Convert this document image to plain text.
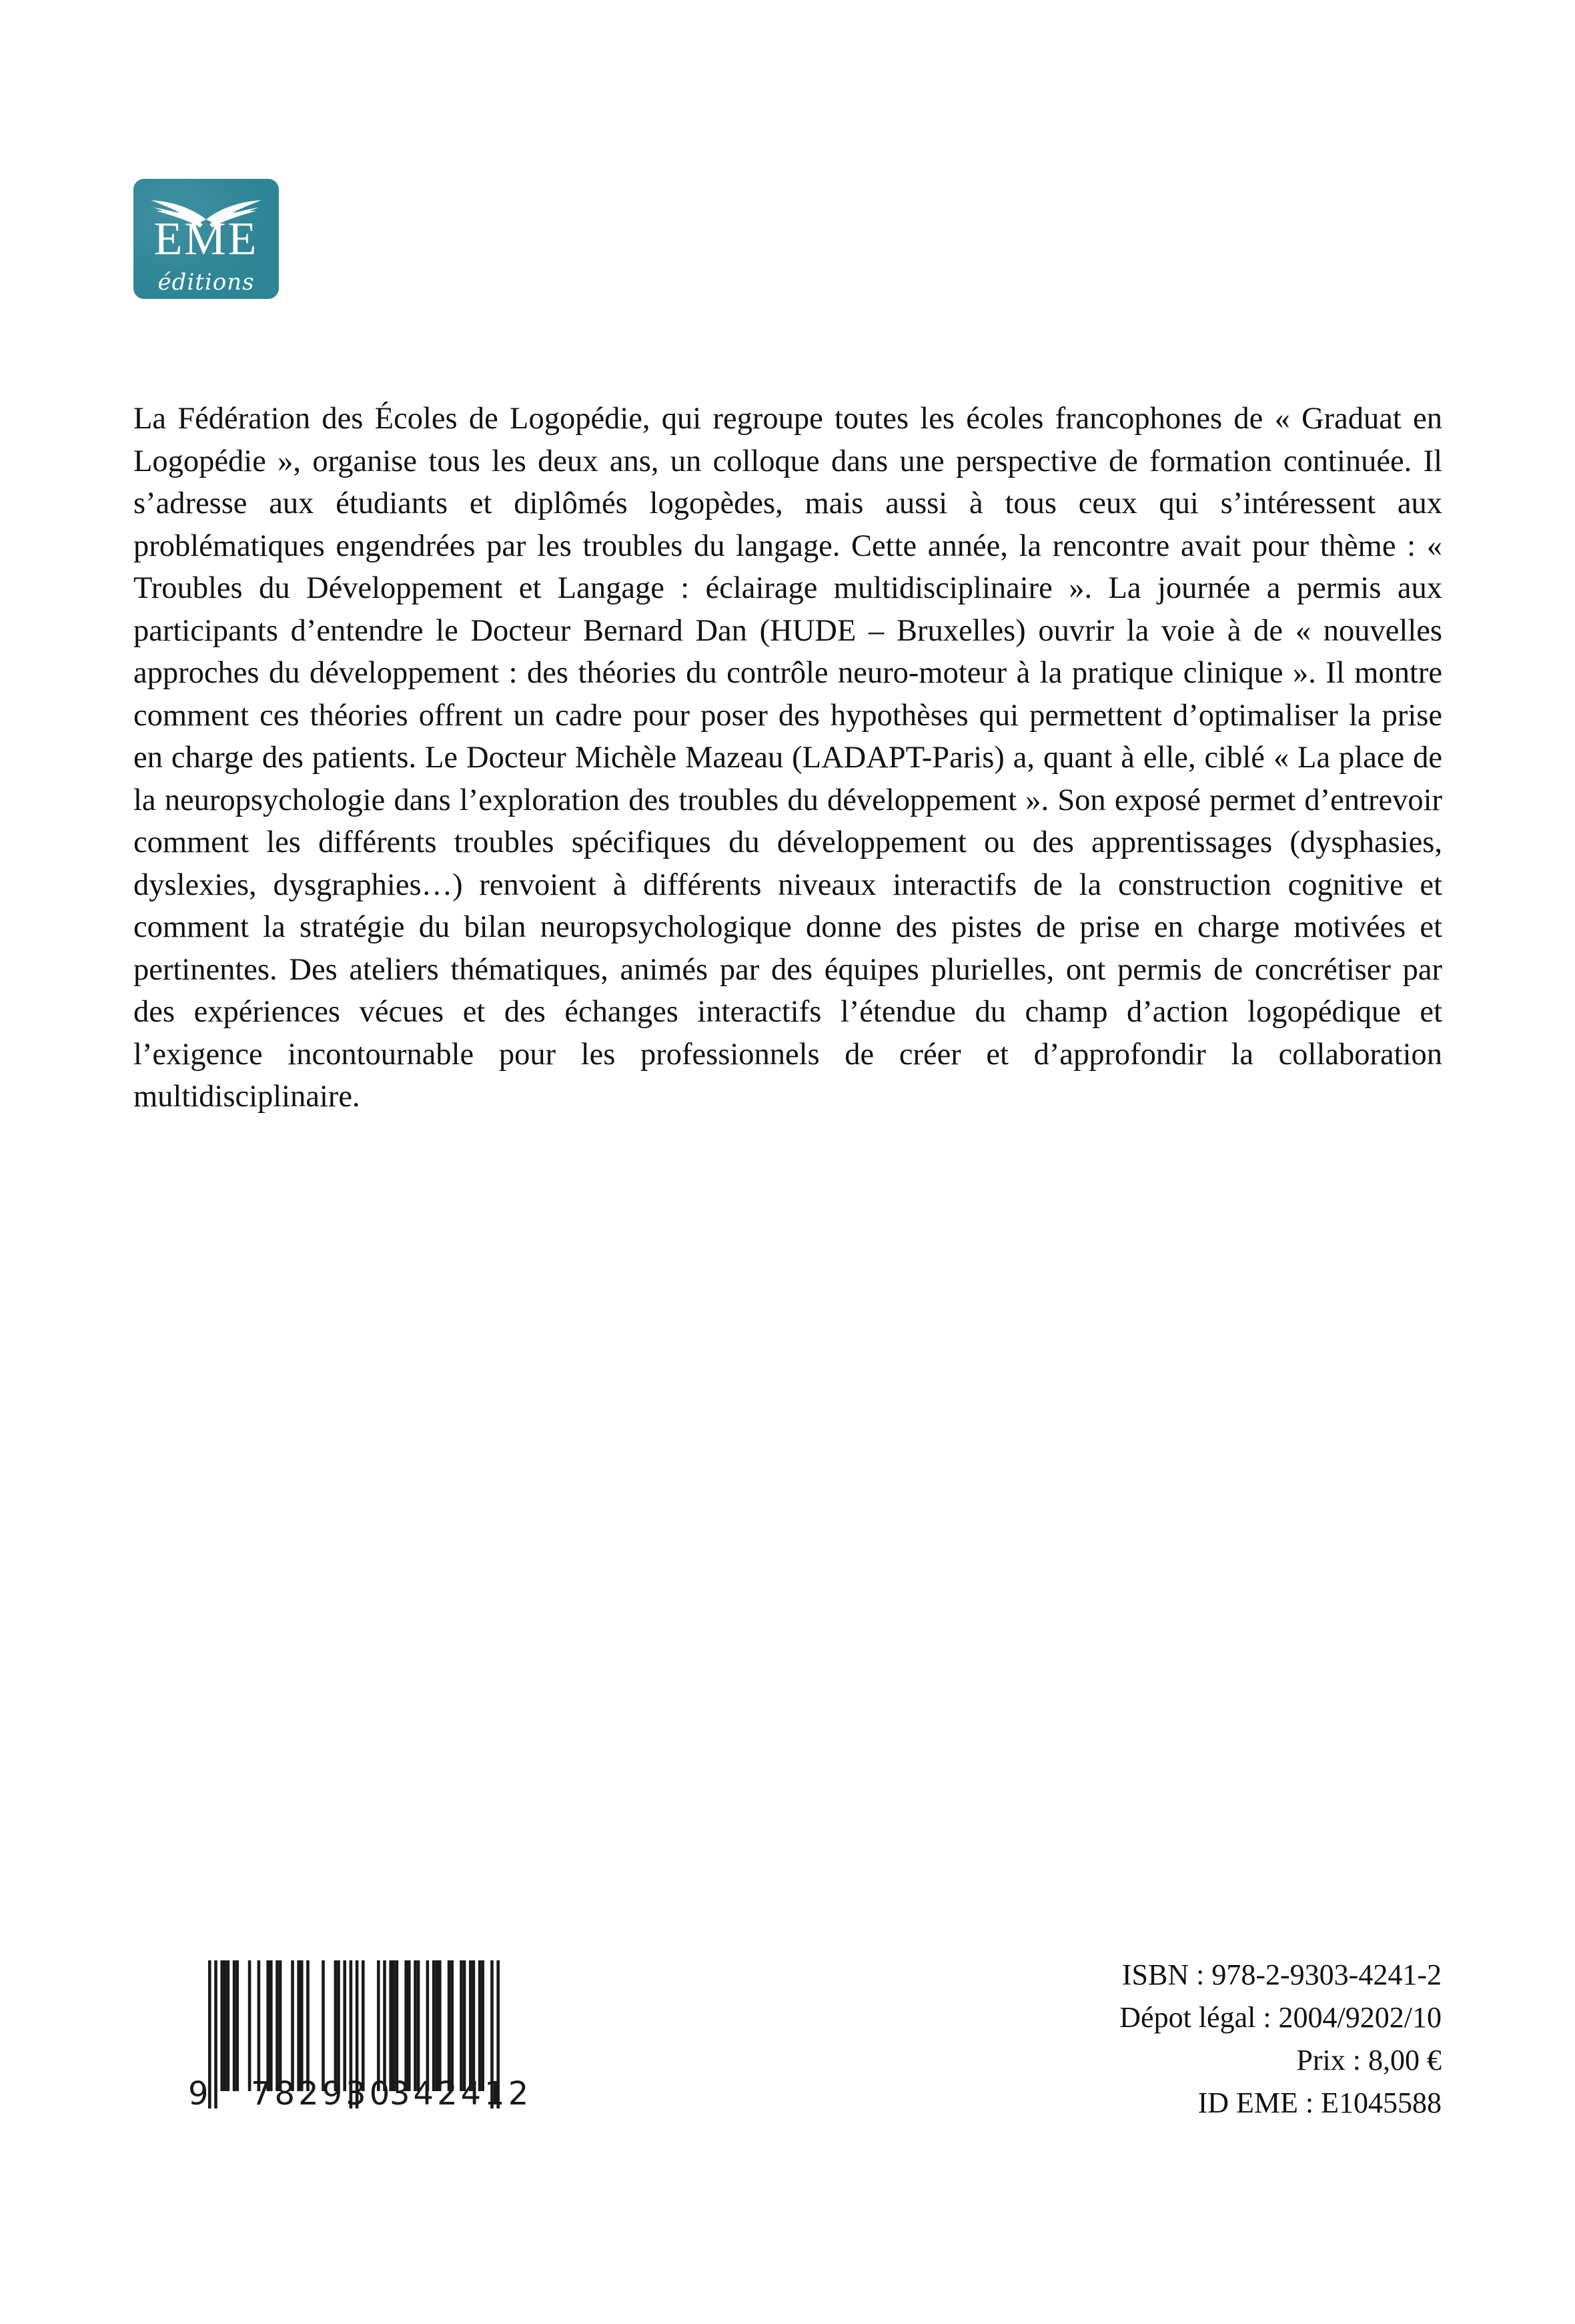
EME
éditions

La Fédération des Écoles de Logopédie, qui regroupe toutes les écoles francophones de « Graduat en Logopédie », organise tous les deux ans, un colloque dans une perspective de formation continuée. Il s’adresse aux étudiants et diplômés logopèdes, mais aussi à tous ceux qui s’intéressent aux problématiques engendrées par les troubles du langage. Cette année, la rencontre avait pour thème : « Troubles du Développement et Langage : éclairage multidisciplinaire ». La journée a permis aux participants d’entendre le Docteur Bernard Dan (HUDE – Bruxelles) ouvrir la voie à de « nouvelles approches du développement : des théories du contrôle neuro-moteur à la pratique clinique ». Il montre comment ces théories offrent un cadre pour poser des hypothèses qui permettent d’optimaliser la prise en charge des patients. Le Docteur Michèle Mazeau (LADAPT-Paris) a, quant à elle, ciblé « La place de la neuropsychologie dans l’exploration des troubles du développement ». Son exposé permet d’entrevoir comment les différents troubles spécifiques du développement ou des apprentissages (dysphasies, dyslexies, dysgraphies…) renvoient à différents niveaux interactifs de la construction cognitive et comment la stratégie du bilan neuropsychologique donne des pistes de prise en charge motivées et pertinentes. Des ateliers thématiques, animés par des équipes plurielles, ont permis de concrétiser par des expériences vécues et des échanges interactifs l’étendue du champ d’action logopédique et l’exigence incontournable pour les professionnels de créer et d’approfondir la collaboration multidisciplinaire.

9 782930
342412
ISBN : 978-2-9303-4241-2
Dépot légal : 2004/9202/10
Prix : 8,00 €
ID EME : E1045588
